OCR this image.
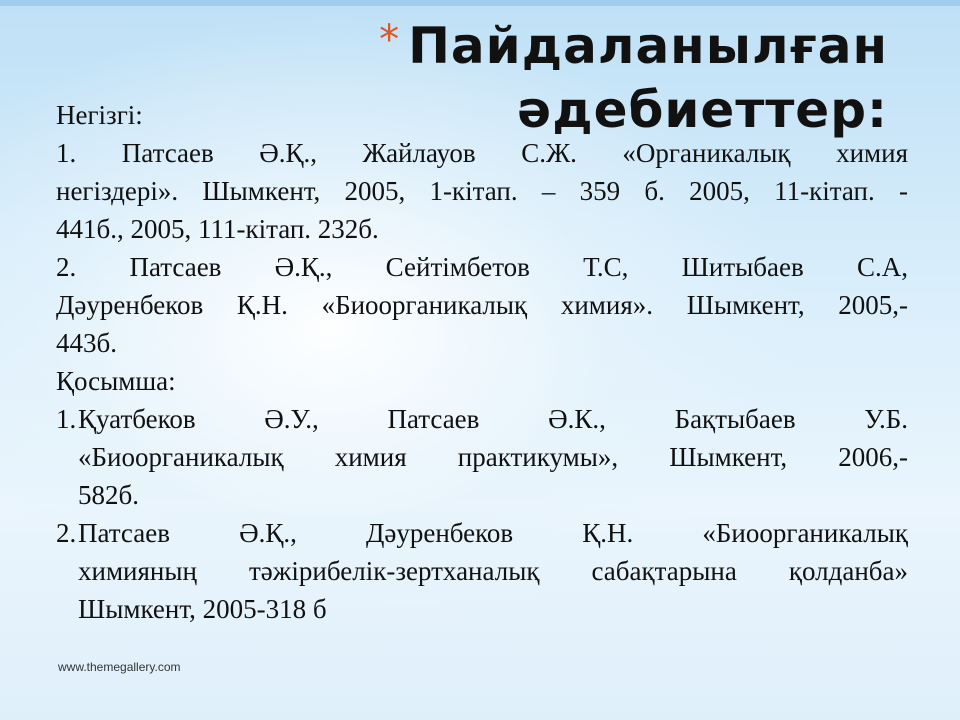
* Пайдаланылған
әдебиеттер:

Негізгі:

1. Патсаев Ә.Қ., Жайлауов С.Ж. «Органикалық химия

негіздері». Шымкент, 2005, 1-кітап. – 359 б. 2005, 11-кітап. -

441б., 2005, 111-кітап. 232б.

2. Патсаев Ә.Қ., Сейтімбетов Т.С, Шитыбаев С.А,

Дәуренбеков Қ.Н. «Биоорганикалық химия». Шымкент, 2005,-

443б.

Қосымша:

1. Қуатбеков Ә.У., Патсаев Ә.К., Бақтыбаев У.Б.

«Биоорганикалық химия практикумы», Шымкент, 2006,-

582б.

2. Патсаев Ә.Қ., Дәуренбеков Қ.Н. «Биоорганикалық

химияның тәжірибелік-зертханалық сабақтарына қолданба»

Шымкент, 2005-318 б

www.themegallery.com
